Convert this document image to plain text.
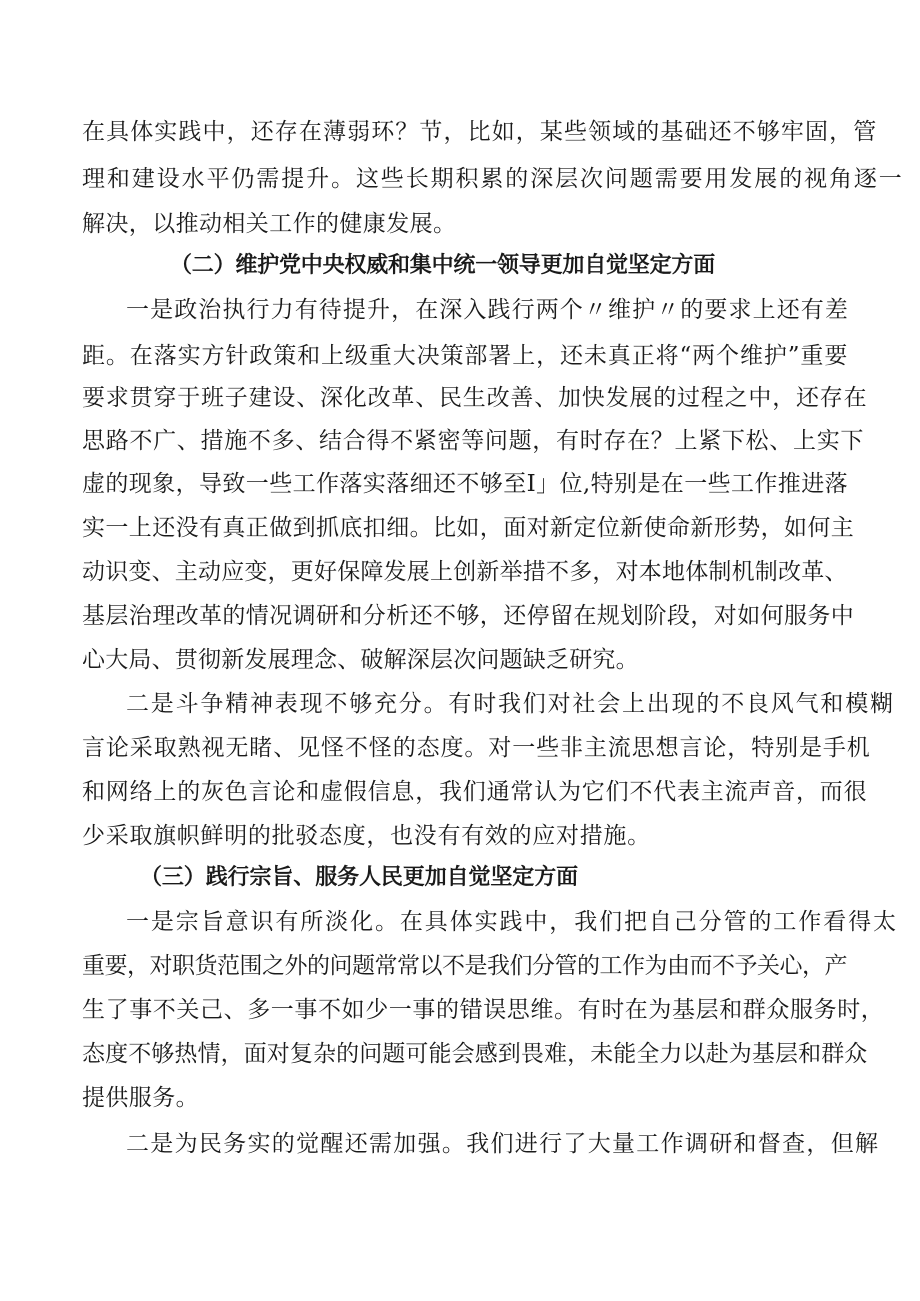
在具体实践中，还存在薄弱环？节，比如，某些领域的基础还不够牢固，管
理和建设水平仍需提升。这些长期积累的深层次问题需要用发展的视角逐一
解决，以推动相关工作的健康发展。
（二）维护党中央权威和集中统一领导更加自觉坚定方面
一是政治执行力有待提升，在深入践行两个〃维护〃的要求上还有差
距。在落实方针政策和上级重大决策部署上，还未真正将“两个维护”重要
要求贯穿于班子建设、深化改革、民生改善、加快发展的过程之中，还存在
思路不广、措施不多、结合得不紧密等问题，有时存在？上紧下松、上实下
虚的现象，导致一些工作落实落细还不够至I」位,特别是在一些工作推进落
实一上还没有真正做到抓底扣细。比如，面对新定位新使命新形势，如何主
动识变、主动应变，更好保障发展上创新举措不多，对本地体制机制改革、
基层治理改革的情况调研和分析还不够，还停留在规划阶段，对如何服务中
心大局、贯彻新发展理念、破解深层次问题缺乏研究。
二是斗争精神表现不够充分。有时我们对社会上出现的不良风气和模糊
言论采取熟视无睹、见怪不怪的态度。对一些非主流思想言论，特别是手机
和网络上的灰色言论和虚假信息，我们通常认为它们不代表主流声音，而很
少采取旗帜鲜明的批驳态度，也没有有效的应对措施。
（三）践行宗旨、服务人民更加自觉坚定方面
一是宗旨意识有所淡化。在具体实践中，我们把自己分管的工作看得太
重要，对职货范围之外的问题常常以不是我们分管的工作为由而不予关心，产
生了事不关己、多一事不如少一事的错误思维。有时在为基层和群众服务时，
态度不够热情，面对复杂的问题可能会感到畏难，未能全力以赴为基层和群众
提供服务。
二是为民务实的觉醒还需加强。我们进行了大量工作调研和督查，但解
